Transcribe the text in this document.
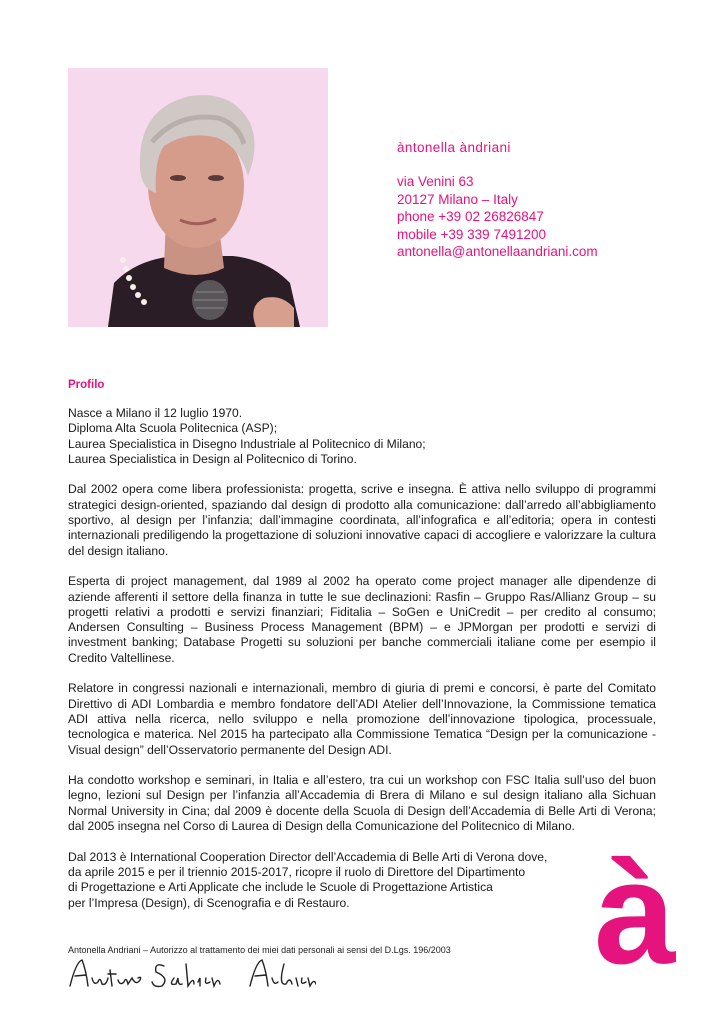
àntonella àndriani
via Venini 63
20127 Milano – Italy
phone +39 02 26826847
mobile +39 339 7491200
antonella@antonellaandriani.com
Profilo

Nasce a Milano il 12 luglio 1970.
Diploma Alta Scuola Politecnica (ASP);
Laurea Specialistica in Disegno Industriale al Politecnico di Milano;
Laurea Specialistica in Design al Politecnico di Torino.

Dal 2002 opera come libera professionista: progetta, scrive e insegna. È attiva nello sviluppo di programmi strategici design-oriented, spaziando dal design di prodotto alla comunicazione: dall’arredo all’abbigliamento sportivo, al design per l’infanzia; dall’immagine coordinata, all’infografica e all’editoria; opera in contesti internazionali prediligendo la progettazione di soluzioni innovative capaci di accogliere e valorizzare la cultura del design italiano.

Esperta di project management, dal 1989 al 2002 ha operato come project manager alle dipendenze di aziende afferenti il settore della finanza in tutte le sue declinazioni: Rasfin – Gruppo Ras/Allianz Group – su progetti relativi a prodotti e servizi finanziari; Fiditalia – SoGen e UniCredit – per credito al consumo; Andersen Consulting – Business Process Management (BPM) – e JPMorgan per prodotti e servizi di investment banking; Database Progetti su soluzioni per banche commerciali italiane come per esempio il Credito Valtellinese.

Relatore in congressi nazionali e internazionali, membro di giuria di premi e concorsi, è parte del Comitato Direttivo di ADI Lombardia e membro fondatore dell’ADI Atelier dell’Innovazione, la Commissione tematica ADI attiva nella ricerca, nello sviluppo e nella promozione dell’innovazione tipologica, processuale, tecnologica e materica. Nel 2015 ha partecipato alla Commissione Tematica “Design per la comunicazione - Visual design” dell’Osservatorio permanente del Design ADI.

Ha condotto workshop e seminari, in Italia e all’estero, tra cui un workshop con FSC Italia sull’uso del buon legno, lezioni sul Design per l’infanzia all’Accademia di Brera di Milano e sul design italiano alla Sichuan Normal University in Cina; dal 2009 è docente della Scuola di Design dell’Accademia di Belle Arti di Verona; dal 2005 insegna nel Corso di Laurea di Design della Comunicazione del Politecnico di Milano.

Dal 2013 è International Cooperation Director dell’Accademia di Belle Arti di Verona dove,
da aprile 2015 e per il triennio 2015-2017, ricopre il ruolo di Direttore del Dipartimento
di Progettazione e Arti Applicate che include le Scuole di Progettazione Artistica
per l’Impresa (Design), di Scenografia e di Restauro.

Antonella Andriani – Autorizzo al trattamento dei miei dati personali ai sensi del D.Lgs. 196/2003 à
